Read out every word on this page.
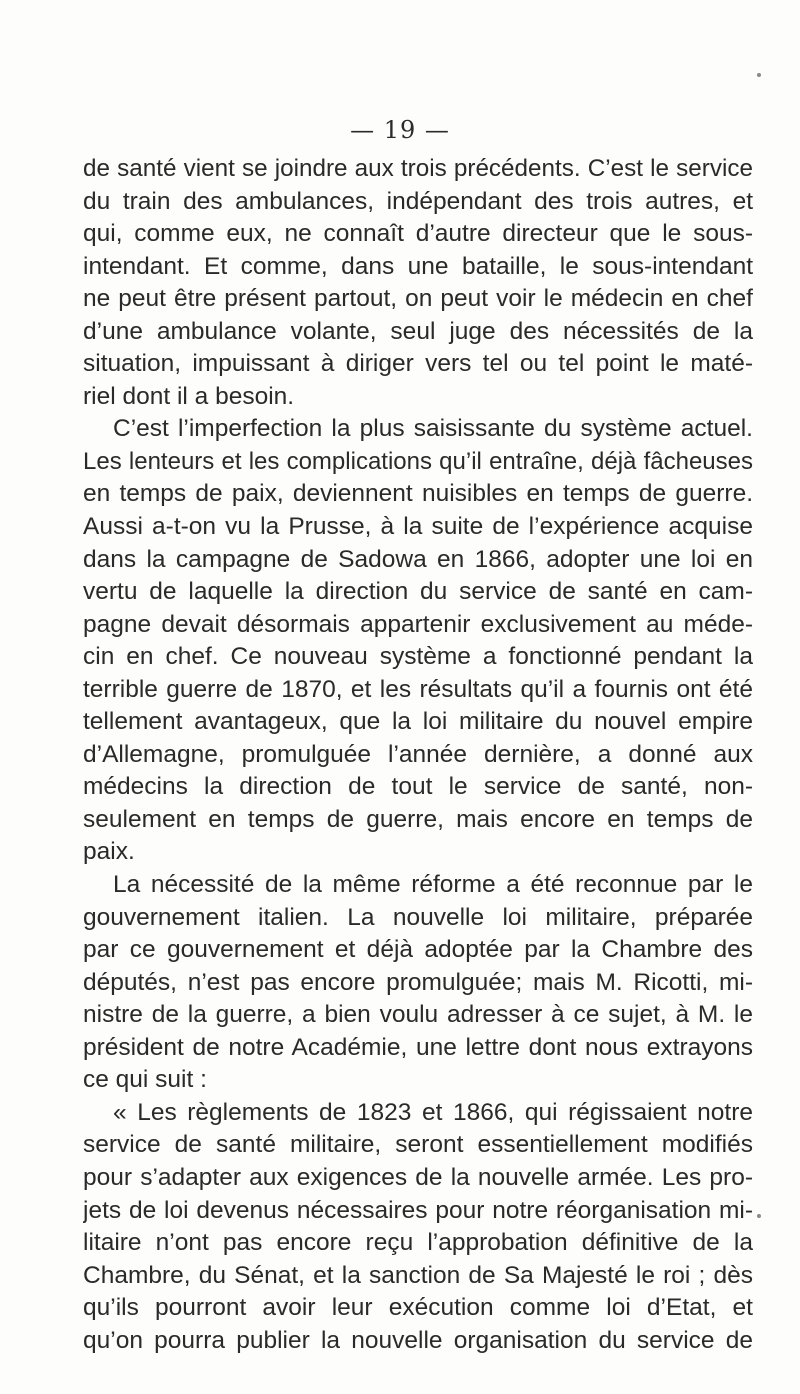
— 19 —
de santé vient se joindre aux trois précédents. C’est le service
du train des ambulances, indépendant des trois autres, et
qui, comme eux, ne connaît d’autre directeur que le sous-
intendant. Et comme, dans une bataille, le sous-intendant
ne peut être présent partout, on peut voir le médecin en chef
d’une ambulance volante, seul juge des nécessités de la
situation, impuissant à diriger vers tel ou tel point le maté-
riel dont il a besoin.
C’est l’imperfection la plus saisissante du système actuel.
Les lenteurs et les complications qu’il entraîne, déjà fâcheuses
en temps de paix, deviennent nuisibles en temps de guerre.
Aussi a-t-on vu la Prusse, à la suite de l’expérience acquise
dans la campagne de Sadowa en 1866, adopter une loi en
vertu de laquelle la direction du service de santé en cam-
pagne devait désormais appartenir exclusivement au méde-
cin en chef. Ce nouveau système a fonctionné pendant la
terrible guerre de 1870, et les résultats qu’il a fournis ont été
tellement avantageux, que la loi militaire du nouvel empire
d’Allemagne, promulguée l’année dernière, a donné aux
médecins la direction de tout le service de santé, non-
seulement en temps de guerre, mais encore en temps de
paix.
La nécessité de la même réforme a été reconnue par le
gouvernement italien. La nouvelle loi militaire, préparée
par ce gouvernement et déjà adoptée par la Chambre des
députés, n’est pas encore promulguée; mais M. Ricotti, mi-
nistre de la guerre, a bien voulu adresser à ce sujet, à M. le
président de notre Académie, une lettre dont nous extrayons
ce qui suit :
« Les règlements de 1823 et 1866, qui régissaient notre
service de santé militaire, seront essentiellement modifiés
pour s’adapter aux exigences de la nouvelle armée. Les pro-
jets de loi devenus nécessaires pour notre réorganisation mi-
litaire n’ont pas encore reçu l’approbation définitive de la
Chambre, du Sénat, et la sanction de Sa Majesté le roi ; dès
qu’ils pourront avoir leur exécution comme loi d’Etat, et
qu’on pourra publier la nouvelle organisation du service de
